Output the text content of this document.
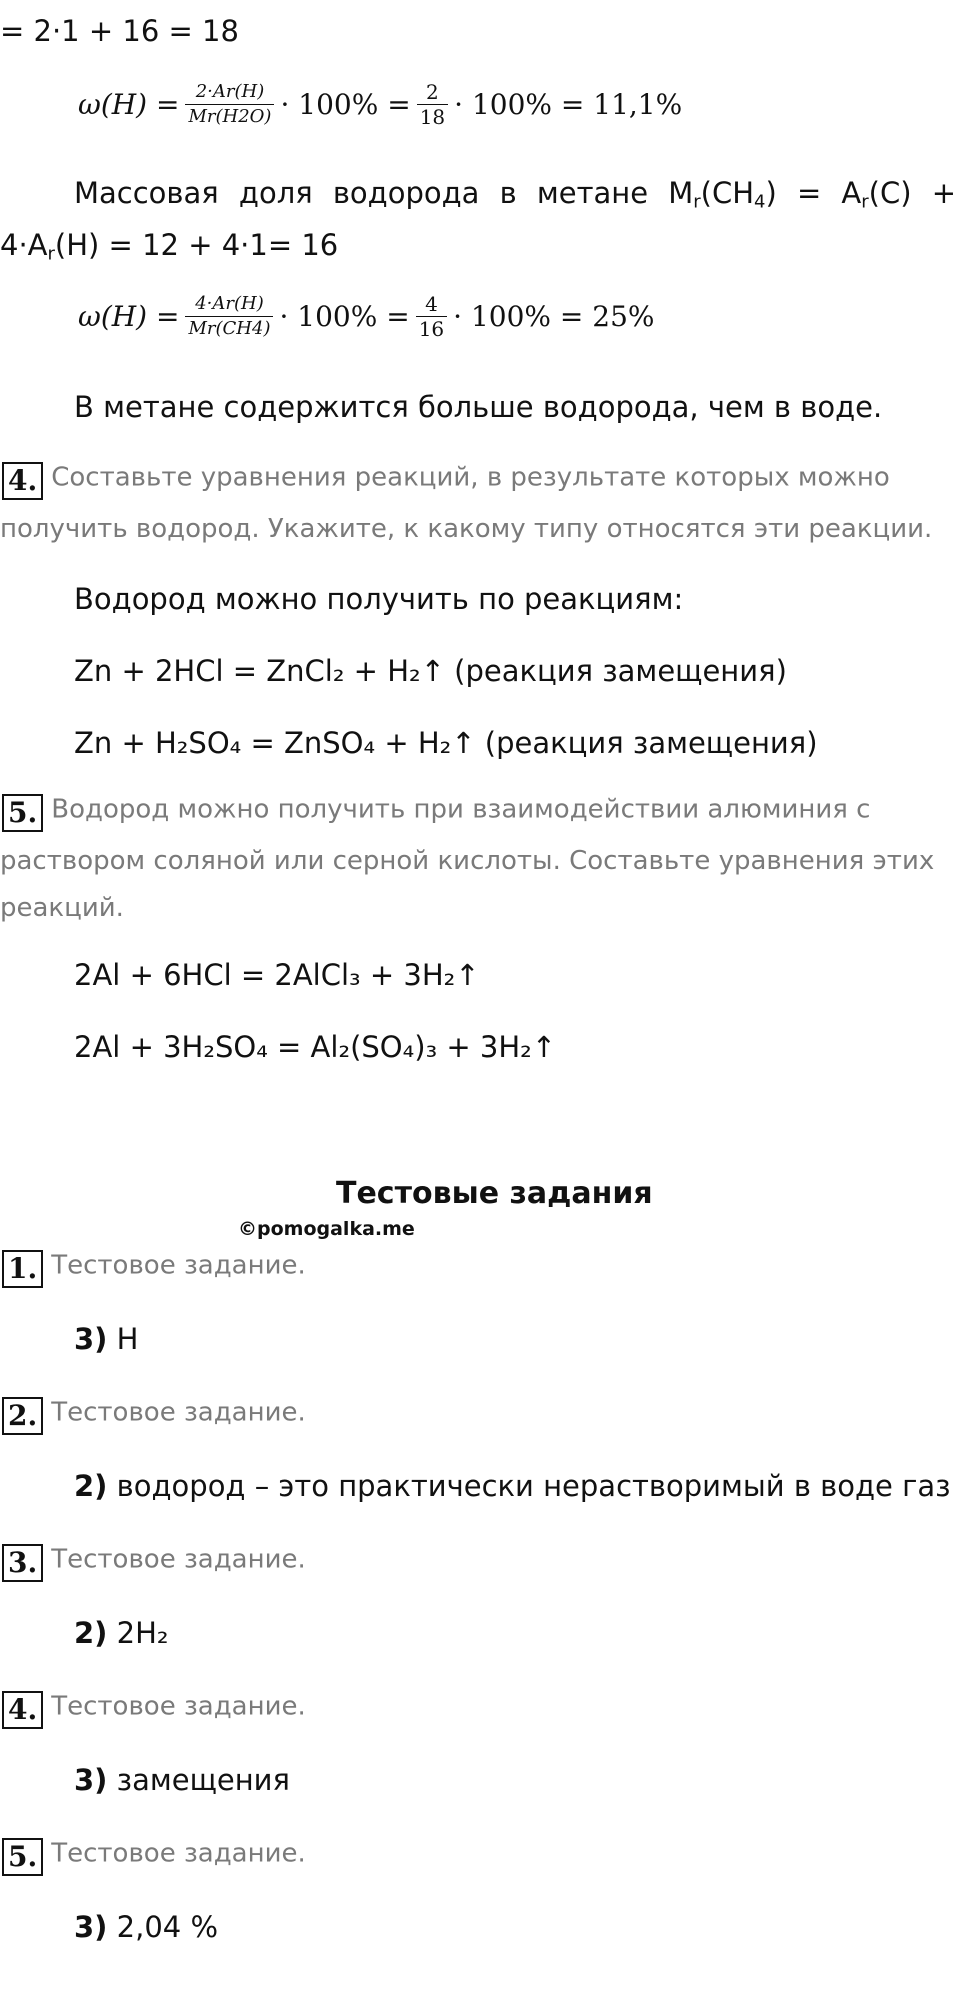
= 2·1 + 16 = 18
$\omega(H) = \frac{2\cdot Ar(H)}{Mr(H2O)} \cdot 100\% = \frac{2}{18} \cdot 100\% = 11,1\%$
Массовая доля водорода в метане $M_r(CH_4) = A_r(C)$ +
$4\cdot A_r(H) = 12 + 4\cdot 1= 16$
$\omega(H) = \frac{4\cdot Ar(H)}{Mr(CH4)} \cdot 100\% = \frac{4}{16} \cdot 100\% = 25\%$
В метане содержится больше водорода, чем в воде.
4. Составьте уравнения реакций, в результате которых можно
получить водород. Укажите, к какому типу относятся эти реакции.
Водород можно получить по реакциям:
Zn + 2HCl = ZnCl₂ + H₂↑ (реакция замещения)
Zn + H₂SO₄ = ZnSO₄ + H₂↑ (реакция замещения)
5. Водород можно получить при взаимодействии алюминия с
раствором соляной или серной кислоты. Составьте уравнения этих
реакций.
2Al + 6HCl = 2AlCl₃ + 3H₂↑
2Al + 3H₂SO₄ = Al₂(SO₄)₃ + 3H₂↑
Тестовые задания
©pomogalka.me
1. Тестовое задание.
3) H
2. Тестовое задание.
2) водород – это практически нерастворимый в воде газ
3. Тестовое задание.
2) 2H₂
4. Тестовое задание.
3) замещения
5. Тестовое задание.
3) 2,04 %
